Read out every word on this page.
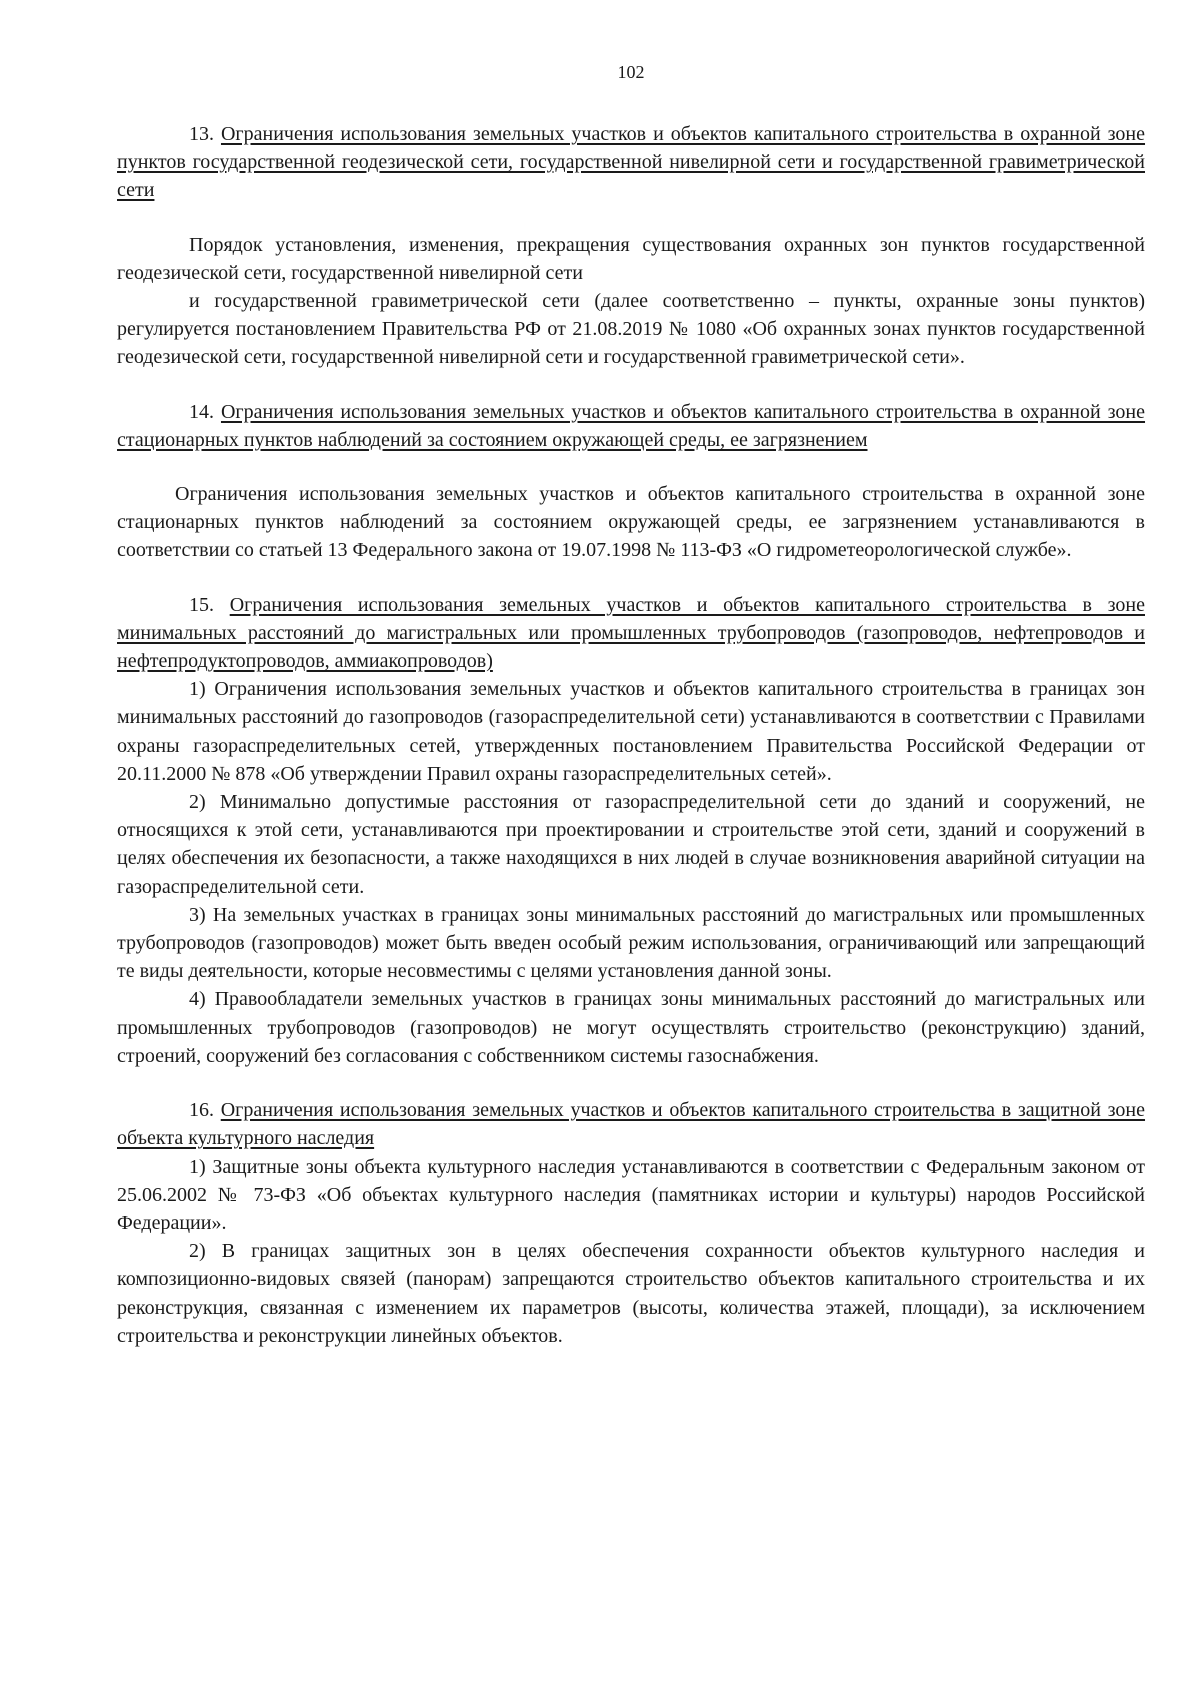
102

13. Ограничения использования земельных участков и объектов капитального строительства в охранной зоне пунктов государственной геодезической сети, государственной нивелирной сети и государственной гравиметрической сети

Порядок установления, изменения, прекращения существования охранных зон пунктов государственной геодезической сети, государственной нивелирной сети

и государственной гравиметрической сети (далее соответственно – пункты, охранные зоны пунктов) регулируется постановлением Правительства РФ от 21.08.2019 № 1080 «Об охранных зонах пунктов государственной геодезической сети, государственной нивелирной сети и государственной гравиметрической сети».

14. Ограничения использования земельных участков и объектов капитального строительства в охранной зоне стационарных пунктов наблюдений за состоянием окружающей среды, ее загрязнением

Ограничения использования земельных участков и объектов капитального строительства в охранной зоне стационарных пунктов наблюдений за состоянием окружающей среды, ее загрязнением устанавливаются в соответствии со статьей 13 Федерального закона от 19.07.1998 № 113-ФЗ «О гидрометеорологической службе».

15. Ограничения использования земельных участков и объектов капитального строительства в зоне минимальных расстояний до магистральных или промышленных трубопроводов (газопроводов, нефтепроводов и нефтепродуктопроводов, аммиакопроводов)

1) Ограничения использования земельных участков и объектов капитального строительства в границах зон минимальных расстояний до газопроводов (газораспределительной сети) устанавливаются в соответствии с Правилами охраны газораспределительных сетей, утвержденных постановлением Правительства Российской Федерации от 20.11.2000 № 878 «Об утверждении Правил охраны газораспределительных сетей».

2) Минимально допустимые расстояния от газораспределительной сети до зданий и сооружений, не относящихся к этой сети, устанавливаются при проектировании и строительстве этой сети, зданий и сооружений в целях обеспечения их безопасности, а также находящихся в них людей в случае возникновения аварийной ситуации на газораспределительной сети.

3) На земельных участках в границах зоны минимальных расстояний до магистральных или промышленных трубопроводов (газопроводов) может быть введен особый режим использования, ограничивающий или запрещающий те виды деятельности, которые несовместимы с целями установления данной зоны.

4) Правообладатели земельных участков в границах зоны минимальных расстояний до магистральных или промышленных трубопроводов (газопроводов) не могут осуществлять строительство (реконструкцию) зданий, строений, сооружений без согласования с собственником системы газоснабжения.

16. Ограничения использования земельных участков и объектов капитального строительства в защитной зоне объекта культурного наследия

1) Защитные зоны объекта культурного наследия устанавливаются в соответствии с Федеральным законом от 25.06.2002 № 73-ФЗ «Об объектах культурного наследия (памятниках истории и культуры) народов Российской Федерации».

2) В границах защитных зон в целях обеспечения сохранности объектов культурного наследия и композиционно-видовых связей (панорам) запрещаются строительство объектов капитального строительства и их реконструкция, связанная с изменением их параметров (высоты, количества этажей, площади), за исключением строительства и реконструкции линейных объектов.
